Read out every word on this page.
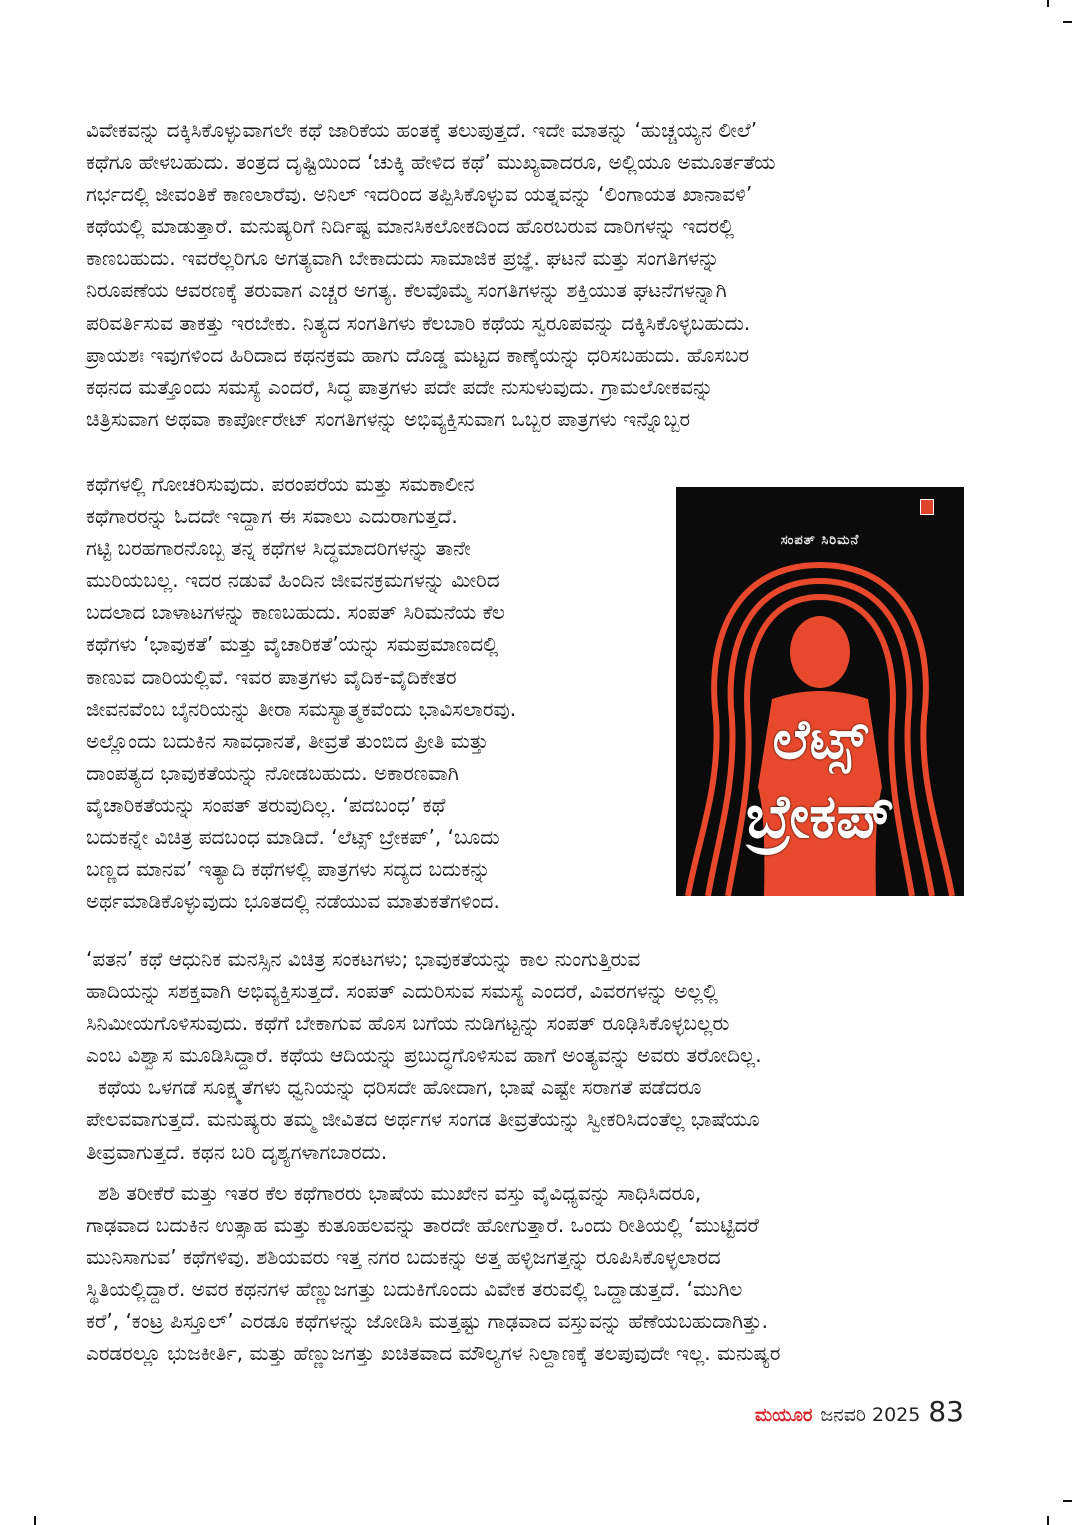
ವಿವೇಕವನ್ನು ದಕ್ಕಿಸಿಕೊಳ್ಳುವಾಗಲೇ ಕಥೆ ಜಾರಿಕೆಯ ಹಂತಕ್ಕೆ ತಲುಪುತ್ತದೆ. ಇದೇ ಮಾತನ್ನು ‘ಹುಚ್ಚಯ್ಯನ ಲೀಲೆ’

ಕಥೆಗೂ ಹೇಳಬಹುದು. ತಂತ್ರದ ದೃಷ್ಟಿಯಿಂದ ‘ಚುಕ್ಕಿ ಹೇಳಿದ ಕಥೆ’ ಮುಖ್ಯವಾದರೂ, ಅಲ್ಲಿಯೂ ಅಮೂರ್ತತೆಯ

ಗರ್ಭದಲ್ಲಿ ಜೀವಂತಿಕೆ ಕಾಣಲಾರೆವು. ಅನಿಲ್ ಇದರಿಂದ ತಪ್ಪಿಸಿಕೊಳ್ಳುವ ಯತ್ನವನ್ನು ‘ಲಿಂಗಾಯತ ಖಾನಾವಳಿ’

ಕಥೆಯಲ್ಲಿ ಮಾಡುತ್ತಾರೆ. ಮನುಷ್ಯರಿಗೆ ನಿರ್ದಿಷ್ಟ ಮಾನಸಿಕಲೋಕದಿಂದ ಹೊರಬರುವ ದಾರಿಗಳನ್ನು ಇದರಲ್ಲಿ

ಕಾಣಬಹುದು. ಇವರೆಲ್ಲರಿಗೂ ಅಗತ್ಯವಾಗಿ ಬೇಕಾದುದು ಸಾಮಾಜಿಕ ಪ್ರಜ್ಞೆ. ಘಟನೆ ಮತ್ತು ಸಂಗತಿಗಳನ್ನು

ನಿರೂಪಣೆಯ ಆವರಣಕ್ಕೆ ತರುವಾಗ ಎಚ್ಚರ ಅಗತ್ಯ. ಕೆಲವೊಮ್ಮೆ ಸಂಗತಿಗಳನ್ನು ಶಕ್ತಿಯುತ ಘಟನೆಗಳನ್ನಾಗಿ

ಪರಿವರ್ತಿಸುವ ತಾಕತ್ತು ಇರಬೇಕು. ನಿತ್ಯದ ಸಂಗತಿಗಳು ಕೆಲಬಾರಿ ಕಥೆಯ ಸ್ವರೂಪವನ್ನು ದಕ್ಕಿಸಿಕೊಳ್ಳಬಹುದು.

ಪ್ರಾಯಶಃ ಇವುಗಳಿಂದ ಹಿರಿದಾದ ಕಥನಕ್ರಮ ಹಾಗು ದೊಡ್ಡ ಮಟ್ಟದ ಕಾಣ್ಕೆಯನ್ನು ಧರಿಸಬಹುದು. ಹೊಸಬರ

ಕಥನದ ಮತ್ತೊಂದು ಸಮಸ್ಯೆ ಎಂದರೆ, ಸಿದ್ಧ ಪಾತ್ರಗಳು ಪದೇ ಪದೇ ನುಸುಳುವುದು. ಗ್ರಾಮಲೋಕವನ್ನು

ಚಿತ್ರಿಸುವಾಗ ಅಥವಾ ಕಾರ್ಪೋರೇಟ್ ಸಂಗತಿಗಳನ್ನು ಅಭಿವ್ಯಕ್ತಿಸುವಾಗ ಒಬ್ಬರ ಪಾತ್ರಗಳು ಇನ್ನೊಬ್ಬರ

ಕಥೆಗಳಲ್ಲಿ ಗೋಚರಿಸುವುದು. ಪರಂಪರೆಯ ಮತ್ತು ಸಮಕಾಲೀನ

ಕಥೆಗಾರರನ್ನು ಓದದೇ ಇದ್ದಾಗ ಈ ಸವಾಲು ಎದುರಾಗುತ್ತದೆ.

ಗಟ್ಟಿ ಬರಹಗಾರನೊಬ್ಬ ತನ್ನ ಕಥೆಗಳ ಸಿದ್ಧಮಾದರಿಗಳನ್ನು ತಾನೇ

ಮುರಿಯಬಲ್ಲ. ಇದರ ನಡುವೆ ಹಿಂದಿನ ಜೀವನಕ್ರಮಗಳನ್ನು ಮೀರಿದ

ಬದಲಾದ ಬಾಳಾಟಗಳನ್ನು ಕಾಣಬಹುದು. ಸಂಪತ್ ಸಿರಿಮನೆಯ ಕೆಲ

ಕಥೆಗಳು ‘ಭಾವುಕತೆ’ ಮತ್ತು ವೈಚಾರಿಕತೆ’ಯನ್ನು ಸಮಪ್ರಮಾಣದಲ್ಲಿ

ಕಾಣುವ ದಾರಿಯಲ್ಲಿವೆ. ಇವರ ಪಾತ್ರಗಳು ವೈದಿಕ-ವೈದಿಕೇತರ

ಜೀವನವೆಂಬ ಬೈನರಿಯನ್ನು ತೀರಾ ಸಮಸ್ಯಾತ್ಮಕವೆಂದು ಭಾವಿಸಲಾರವು.

ಅಲ್ಲೊಂದು ಬದುಕಿನ ಸಾವಧಾನತೆ, ತೀವ್ರತೆ ತುಂಬಿದ ಪ್ರೀತಿ ಮತ್ತು

ದಾಂಪತ್ಯದ ಭಾವುಕತೆಯನ್ನು ನೋಡಬಹುದು. ಅಕಾರಣವಾಗಿ

ವೈಚಾರಿಕತೆಯನ್ನು ಸಂಪತ್ ತರುವುದಿಲ್ಲ. ‘ಪದಬಂಧ’ ಕಥೆ

ಬದುಕನ್ನೇ ವಿಚಿತ್ರ ಪದಬಂಧ ಮಾಡಿದೆ. ‘ಲೆಟ್ಸ್ ಬ್ರೇಕಪ್’, ‘ಬೂದು

ಬಣ್ಣದ ಮಾನವ’ ಇತ್ಯಾದಿ ಕಥೆಗಳಲ್ಲಿ ಪಾತ್ರಗಳು ಸದ್ಯದ ಬದುಕನ್ನು

ಅರ್ಥಮಾಡಿಕೊಳ್ಳುವುದು ಭೂತದಲ್ಲಿ ನಡೆಯುವ ಮಾತುಕತೆಗಳಿಂದ.

ಸಂಪತ್ ಸಿರಿಮನೆ
ಲೆಟ್ಸ್
ಬ್ರೇಕಪ್

‘ಪತನ’ ಕಥೆ ಆಧುನಿಕ ಮನಸ್ಸಿನ ವಿಚಿತ್ರ ಸಂಕಟಗಳು; ಭಾವುಕತೆಯನ್ನು ಕಾಲ ನುಂಗುತ್ತಿರುವ

ಹಾದಿಯನ್ನು ಸಶಕ್ತವಾಗಿ ಅಭಿವ್ಯಕ್ತಿಸುತ್ತದೆ. ಸಂಪತ್ ಎದುರಿಸುವ ಸಮಸ್ಯೆ ಎಂದರೆ, ವಿವರಗಳನ್ನು ಅಲ್ಲಲ್ಲಿ

ಸಿನಿಮೀಯಗೊಳಿಸುವುದು. ಕಥೆಗೆ ಬೇಕಾಗುವ ಹೊಸ ಬಗೆಯ ನುಡಿಗಟ್ಟನ್ನು ಸಂಪತ್ ರೂಢಿಸಿಕೊಳ್ಳಬಲ್ಲರು

ಎಂಬ ವಿಶ್ವಾಸ ಮೂಡಿಸಿದ್ದಾರೆ. ಕಥೆಯ ಆದಿಯನ್ನು ಪ್ರಬುದ್ಧಗೊಳಿಸುವ ಹಾಗೆ ಅಂತ್ಯವನ್ನು ಅವರು ತರೋದಿಲ್ಲ.

ಕಥೆಯ ಒಳಗಡೆ ಸೂಕ್ಷ್ಮತೆಗಳು ಧ್ವನಿಯನ್ನು ಧರಿಸದೇ ಹೋದಾಗ, ಭಾಷೆ ಎಷ್ಟೇ ಸರಾಗತೆ ಪಡೆದರೂ

ಪೇಲವವಾಗುತ್ತದೆ. ಮನುಷ್ಯರು ತಮ್ಮ ಜೀವಿತದ ಅರ್ಥಗಳ ಸಂಗಡ ತೀವ್ರತೆಯನ್ನು ಸ್ವೀಕರಿಸಿದಂತೆಲ್ಲ ಭಾಷೆಯೂ

ತೀವ್ರವಾಗುತ್ತದೆ. ಕಥನ ಬರಿ ದೃಶ್ಯಗಳಾಗಬಾರದು.

ಶಶಿ ತರೀಕೆರೆ ಮತ್ತು ಇತರ ಕೆಲ ಕಥೆಗಾರರು ಭಾಷೆಯ ಮುಖೇನ ವಸ್ತು ವೈವಿಧ್ಯವನ್ನು ಸಾಧಿಸಿದರೂ,

ಗಾಢವಾದ ಬದುಕಿನ ಉತ್ಸಾಹ ಮತ್ತು ಕುತೂಹಲವನ್ನು ತಾರದೇ ಹೋಗುತ್ತಾರೆ. ಒಂದು ರೀತಿಯಲ್ಲಿ ‘ಮುಟ್ಟಿದರೆ

ಮುನಿಸಾಗುವ’ ಕಥೆಗಳಿವು. ಶಶಿಯವರು ಇತ್ತ ನಗರ ಬದುಕನ್ನು ಅತ್ತ ಹಳ್ಳಿಜಗತ್ತನ್ನು ರೂಪಿಸಿಕೊಳ್ಳಲಾರದ

ಸ್ಥಿತಿಯಲ್ಲಿದ್ದಾರೆ. ಅವರ ಕಥನಗಳ ಹೆಣ್ಣುಜಗತ್ತು ಬದುಕಿಗೊಂದು ವಿವೇಕ ತರುವಲ್ಲಿ ಒದ್ದಾಡುತ್ತದೆ. ‘ಮುಗಿಲ

ಕರೆ’, ‘ಕಂಟ್ರ ಪಿಸ್ತೂಲ್’ ಎರಡೂ ಕಥೆಗಳನ್ನು ಜೋಡಿಸಿ ಮತ್ತಷ್ಟು ಗಾಢವಾದ ವಸ್ತುವನ್ನು ಹೆಣೆಯಬಹುದಾಗಿತ್ತು.

ಎರಡರಲ್ಲೂ ಭುಜಕೀರ್ತಿ, ಮತ್ತು ಹೆಣ್ಣುಜಗತ್ತು ಖಚಿತವಾದ ಮೌಲ್ಯಗಳ ನಿಲ್ದಾಣಕ್ಕೆ ತಲಪುವುದೇ ಇಲ್ಲ. ಮನುಷ್ಯರ

ಮಯೂರ ಜನವರಿ 2025 83
